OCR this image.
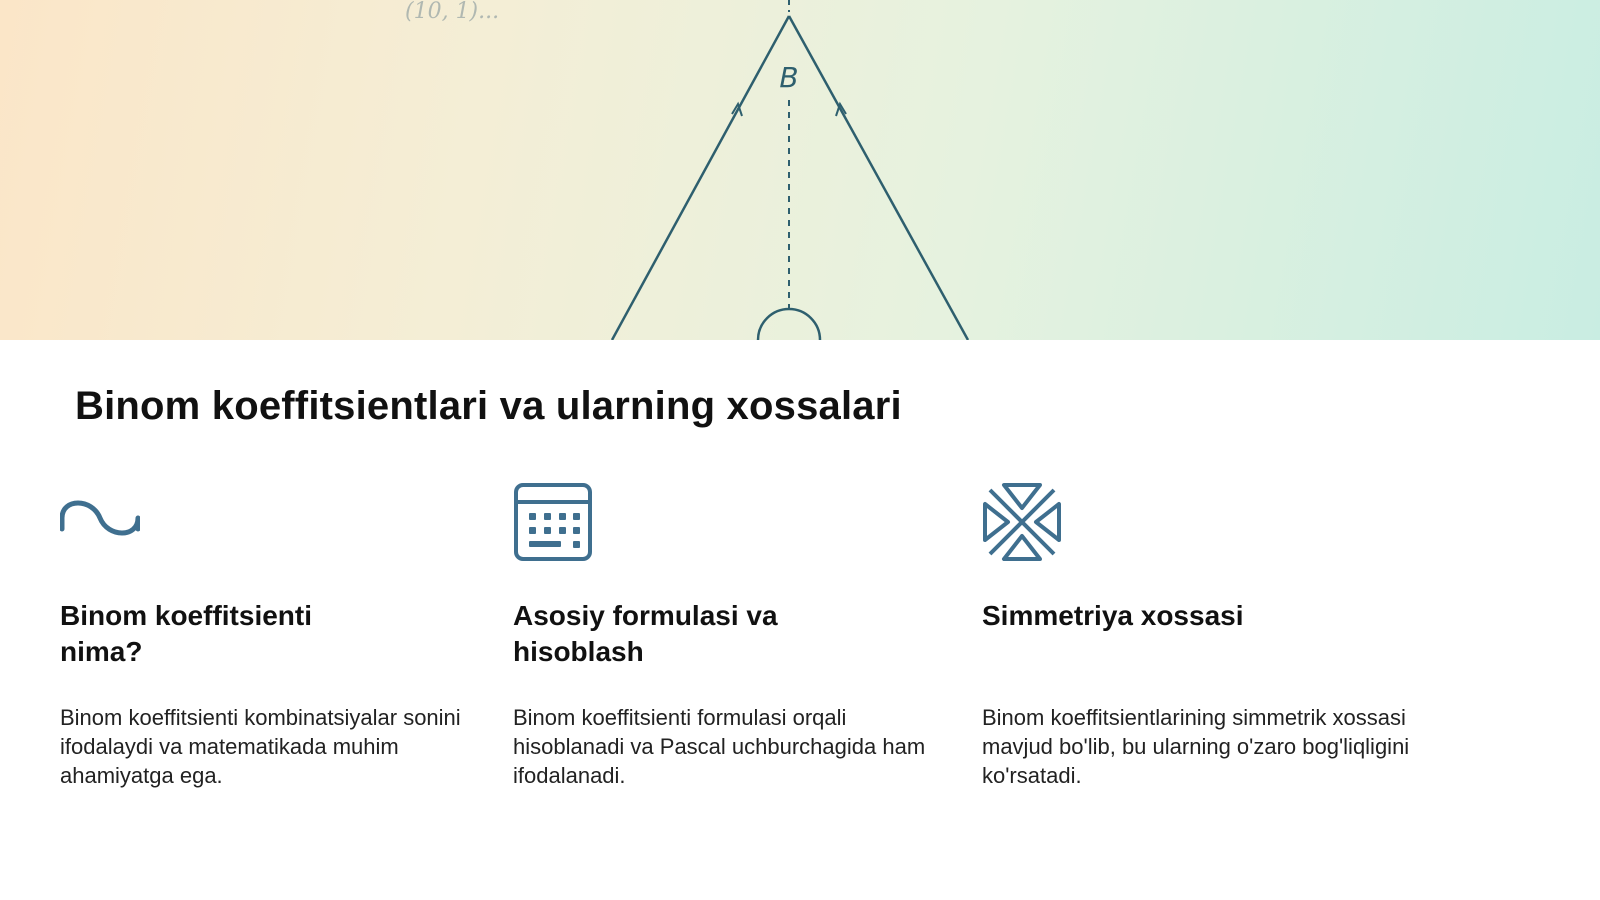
(10, 1)...
B
Binom koeffitsientlari va ularning xossalari
Binom koeffitsienti nima?

Binom koeffitsienti kombinatsiyalar sonini ifodalaydi va matematikada muhim ahamiyatga ega.

Asosiy formulasi va hisoblash

Binom koeffitsienti formulasi orqali hisoblanadi va Pascal uchburchagida ham ifodalanadi.

Simmetriya xossasi

Binom koeffitsientlarining simmetrik xossasi mavjud bo'lib, bu ularning o'zaro bog'liqligini ko'rsatadi.
